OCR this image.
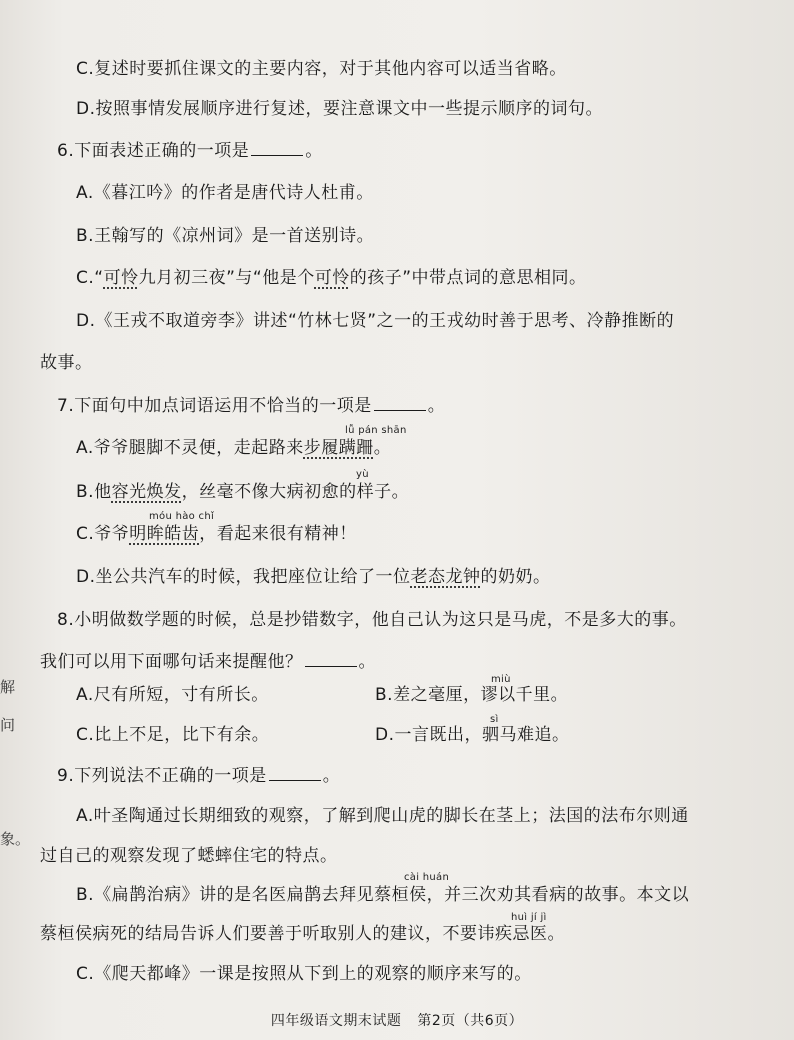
C.复述时要抓住课文的主要内容，对于其他内容可以适当省略。
D.按照事情发展顺序进行复述，要注意课文中一些提示顺序的词句。
6.下面表述正确的一项是	。
A.《暮江吟》的作者是唐代诗人杜甫。
B.王翰写的《凉州词》是一首送别诗。
C.“可怜九月初三夜”与“他是个可怜的孩子”中带点词的意思相同。
D.《王戎不取道旁李》讲述“竹林七贤”之一的王戎幼时善于思考、冷静推断的
故事。
7.下面句中加点词语运用不恰当的一项是	。
lǚ pán shān
A.爷爷腿脚不灵便，走起路来步履蹒跚。
yù
B.他容光焕发，丝毫不像大病初愈的样子。
móu hào chǐ
C.爷爷明眸皓齿，看起来很有精神！
D.坐公共汽车的时候，我把座位让给了一位老态龙钟的奶奶。
8.小明做数学题的时候，总是抄错数字，他自己认为这只是马虎，不是多大的事。
我们可以用下面哪句话来提醒他？	。
A.尺有所短，寸有所长。
miù
B.差之毫厘，谬以千里。
C.比上不足，比下有余。
sì
D.一言既出，驷马难追。
9.下列说法不正确的一项是	。
A.叶圣陶通过长期细致的观察，了解到爬山虎的脚长在茎上；法国的法布尔则通
过自己的观察发现了蟋蟀住宅的特点。
cài huán
B.《扁鹊治病》讲的是名医扁鹊去拜见蔡桓侯，并三次劝其看病的故事。本文以
huì jí jì
蔡桓侯病死的结局告诉人们要善于听取别人的建议，不要讳疾忌医。
C.《爬天都峰》一课是按照从下到上的观察的顺序来写的。
解
问
象。
四年级语文期末试题 第2页（共6页）
